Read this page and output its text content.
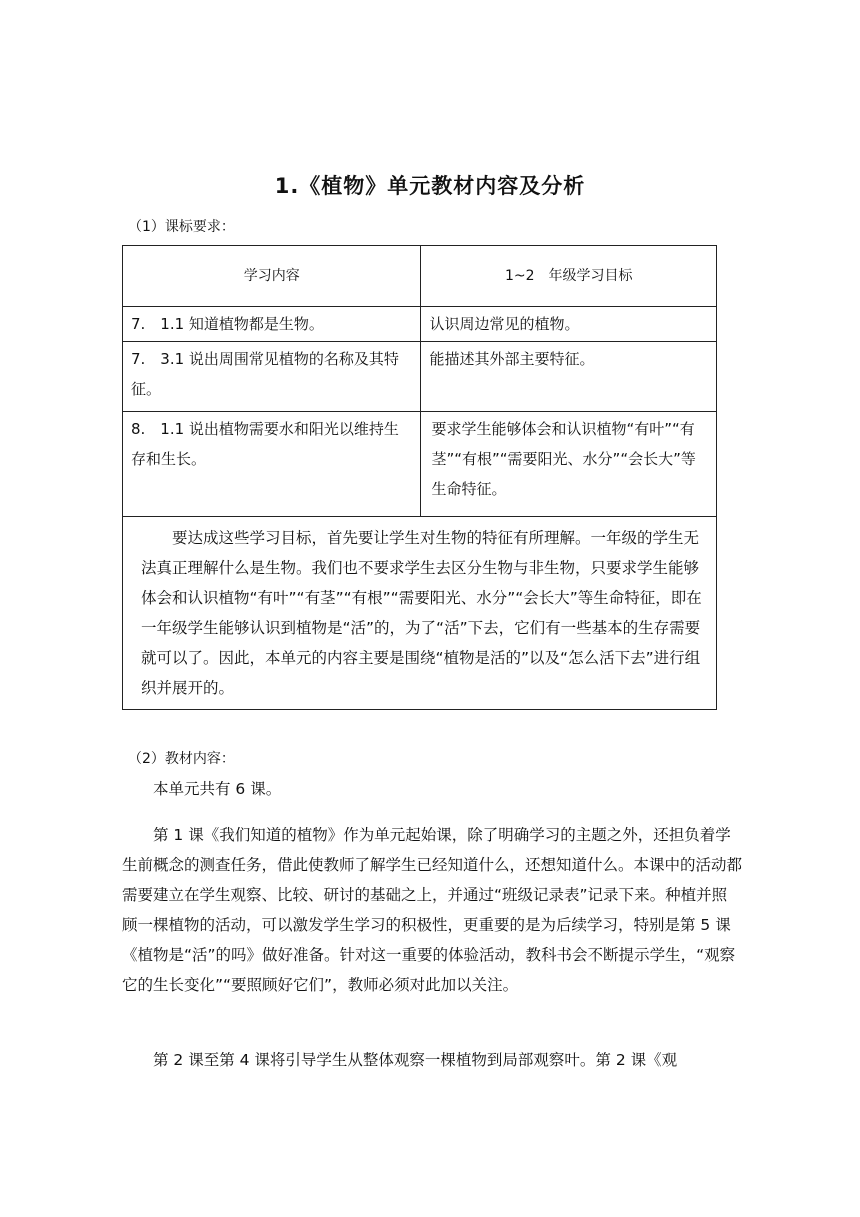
1.《植物》单元教材内容及分析
（1）课标要求：
学习内容	1~2　年级学习目标
7.　1.1 知道植物都是生物。	认识周边常见的植物。
7.　3.1 说出周围常见植物的名称及其特征。	能描述其外部主要特征。
8.　1.1 说出植物需要水和阳光以维持生存和生长。	要求学生能够体会和认识植物“有叶”“有茎”“有根”“需要阳光、水分”“会长大”等生命特征。

要达成这些学习目标，首先要让学生对生物的特征有所理解。一年级的学生无法真正理解什么是生物。我们也不要求学生去区分生物与非生物，只要求学生能够体会和认识植物“有叶”“有茎”“有根”“需要阳光、水分”“会长大”等生命特征，即在一年级学生能够认识到植物是“活”的，为了“活”下去，它们有一些基本的生存需要就可以了。因此，本单元的内容主要是围绕“植物是活的”以及“怎么活下去”进行组织并展开的。	

（2）教材内容：

本单元共有 6 课。

第 1 课《我们知道的植物》作为单元起始课，除了明确学习的主题之外，还担负着学生前概念的测查任务，借此使教师了解学生已经知道什么，还想知道什么。本课中的活动都需要建立在学生观察、比较、研讨的基础之上，并通过“班级记录表”记录下来。种植并照顾一棵植物的活动，可以激发学生学习的积极性，更重要的是为后续学习，特别是第 5 课《植物是“活”的吗》做好准备。针对这一重要的体验活动，教科书会不断提示学生，“观察它的生长变化”“要照顾好它们”，教师必须对此加以关注。

第 2 课至第 4 课将引导学生从整体观察一棵植物到局部观察叶。第 2 课《观
